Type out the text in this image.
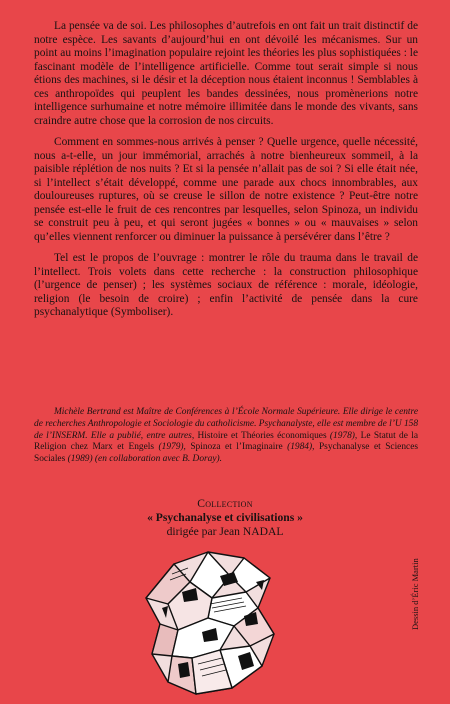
La pensée va de soi. Les philosophes d’autrefois en ont fait un trait distinctif de notre espèce. Les savants d’aujourd’hui en ont dévoilé les mécanismes. Sur un point au moins l’imagination populaire rejoint les théories les plus sophistiquées : le fascinant modèle de l’intelligence artificielle. Comme tout serait simple si nous étions des machines, si le désir et la déception nous étaient inconnus ! Semblables à ces anthropoïdes qui peuplent les bandes dessinées, nous promènerions notre intelligence surhumaine et notre mémoire illimitée dans le monde des vivants, sans craindre autre chose que la corrosion de nos circuits.

Comment en sommes-nous arrivés à penser ? Quelle urgence, quelle nécessité, nous a-t-elle, un jour immémorial, arrachés à notre bienheureux sommeil, à la paisible réplétion de nos nuits ? Et si la pensée n’allait pas de soi ? Si elle était née, si l’intellect s’était développé, comme une parade aux chocs innombrables, aux douloureuses ruptures, où se creuse le sillon de notre existence ? Peut-être notre pensée est-elle le fruit de ces rencontres par lesquelles, selon Spinoza, un individu se construit peu à peu, et qui seront jugées « bonnes » ou « mauvaises » selon qu’elles viennent renforcer ou diminuer la puissance à persévérer dans l’être ?

Tel est le propos de l’ouvrage : montrer le rôle du trauma dans le travail de l’intellect. Trois volets dans cette recherche : la construction philosophique (l’urgence de penser) ; les systèmes sociaux de référence : morale, idéologie, religion (le besoin de croire) ; enfin l’activité de pensée dans la cure psychanalytique (Symboliser).

Michèle Bertrand est Maître de Conférences à l’École Normale Supérieure. Elle dirige le centre de recherches Anthropologie et Sociologie du catholicisme. Psychanalyste, elle est membre de l’U 158 de l’INSERM. Elle a publié, entre autres, Histoire et Théories économiques (1978), Le Statut de la Religion chez Marx et Engels (1979), Spinoza et l’Imaginaire (1984), Psychanalyse et Sciences Sociales (1989) (en collaboration avec B. Doray).

Collection
« Psychanalyse et civilisations »
dirigée par Jean NADAL
Dessin d’Éric Martin
